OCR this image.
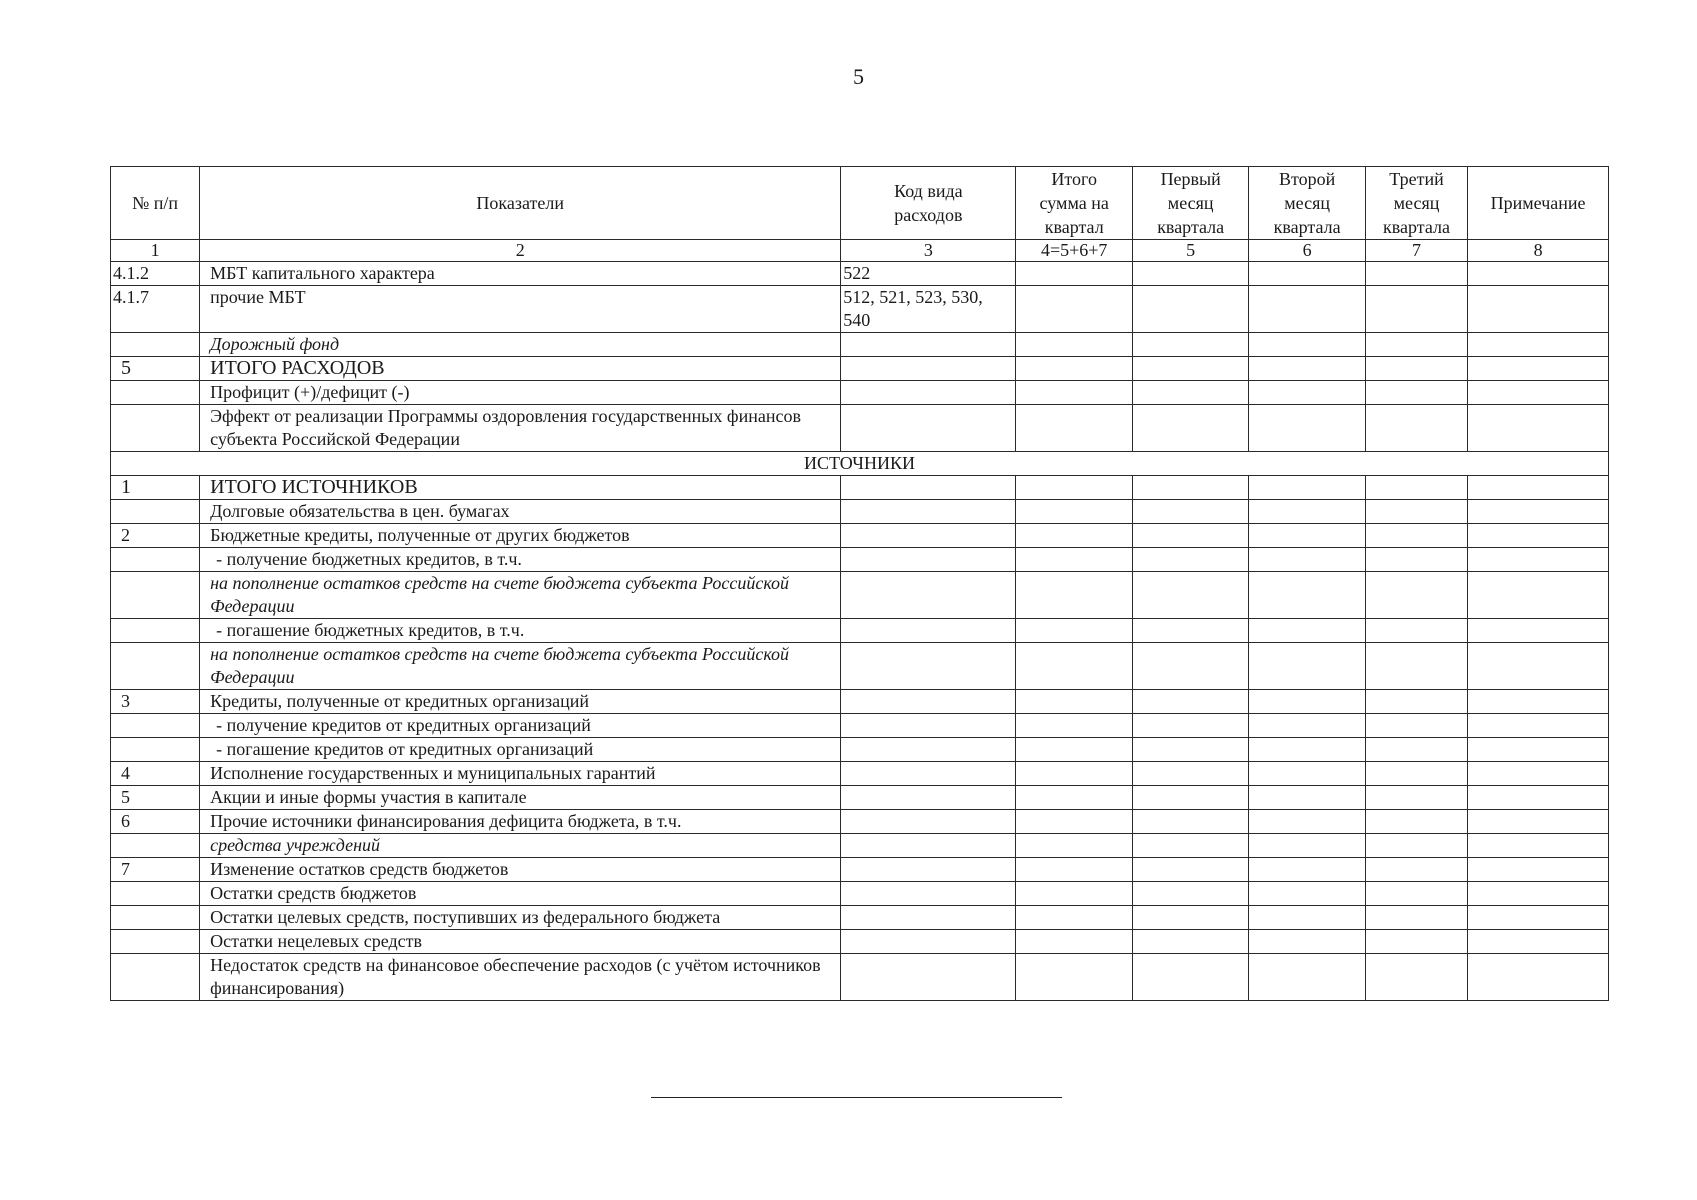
5
№ п/п	Показатели	Код вида расходов	Итого сумма на квартал	Первый месяц квартала	Второй месяц квартала	Третий месяц квартала	Примечание
1	2	3	4=5+6+7	5	6	7	8
4.1.2	МБТ капитального характера	522					
4.1.7	прочие МБТ	512, 521, 523, 530, 540					
	Дорожный фонд						
5	ИТОГО РАСХОДОВ						
	Профицит (+)/дефицит (-)						
	Эффект от реализации Программы оздоровления государственных финансов субъекта Российской Федерации						
ИСТОЧНИКИ							
1	ИТОГО ИСТОЧНИКОВ						
	Долговые обязательства в цен. бумагах						
2	Бюджетные кредиты, полученные от других бюджетов						
	- получение бюджетных кредитов, в т.ч.						
	на пополнение остатков средств на счете бюджета субъекта Российской Федерации						
	- погашение бюджетных кредитов, в т.ч.						
	на пополнение остатков средств на счете бюджета субъекта Российской Федерации						
3	Кредиты, полученные от кредитных организаций						
	- получение кредитов от кредитных организаций						
	- погашение кредитов от кредитных организаций						
4	Исполнение государственных и муниципальных гарантий						
5	Акции и иные формы участия в капитале						
6	Прочие источники финансирования дефицита бюджета, в т.ч.						
	средства учреждений						
7	Изменение остатков средств бюджетов						
	Остатки средств бюджетов						
	Остатки целевых средств, поступивших из федерального бюджета						
	Остатки нецелевых средств						
	Недостаток средств на финансовое обеспечение расходов (с учётом источников финансирования)						
